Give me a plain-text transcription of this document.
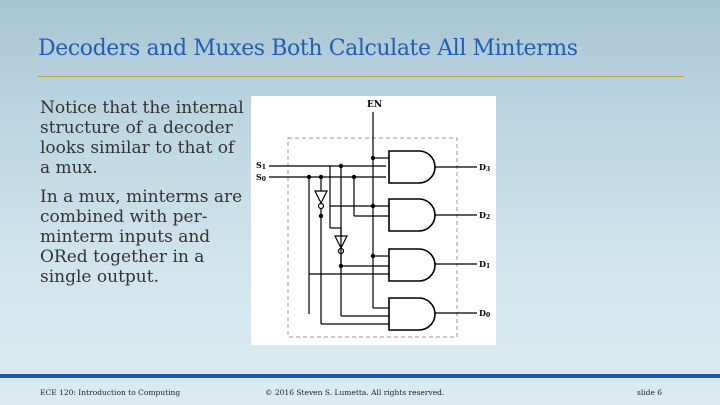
Decoders and Muxes Both Calculate All Minterms

Notice that the internal structure of a decoder looks similar to that of a mux.

In a mux, minterms are combined with per-minterm inputs and ORed together in a single output.

EN
S1
S0
D3
D2
D1
D0
ECE 120: Introduction to Computing	© 2016 Steven S. Lumetta. All rights reserved.	slide 6
